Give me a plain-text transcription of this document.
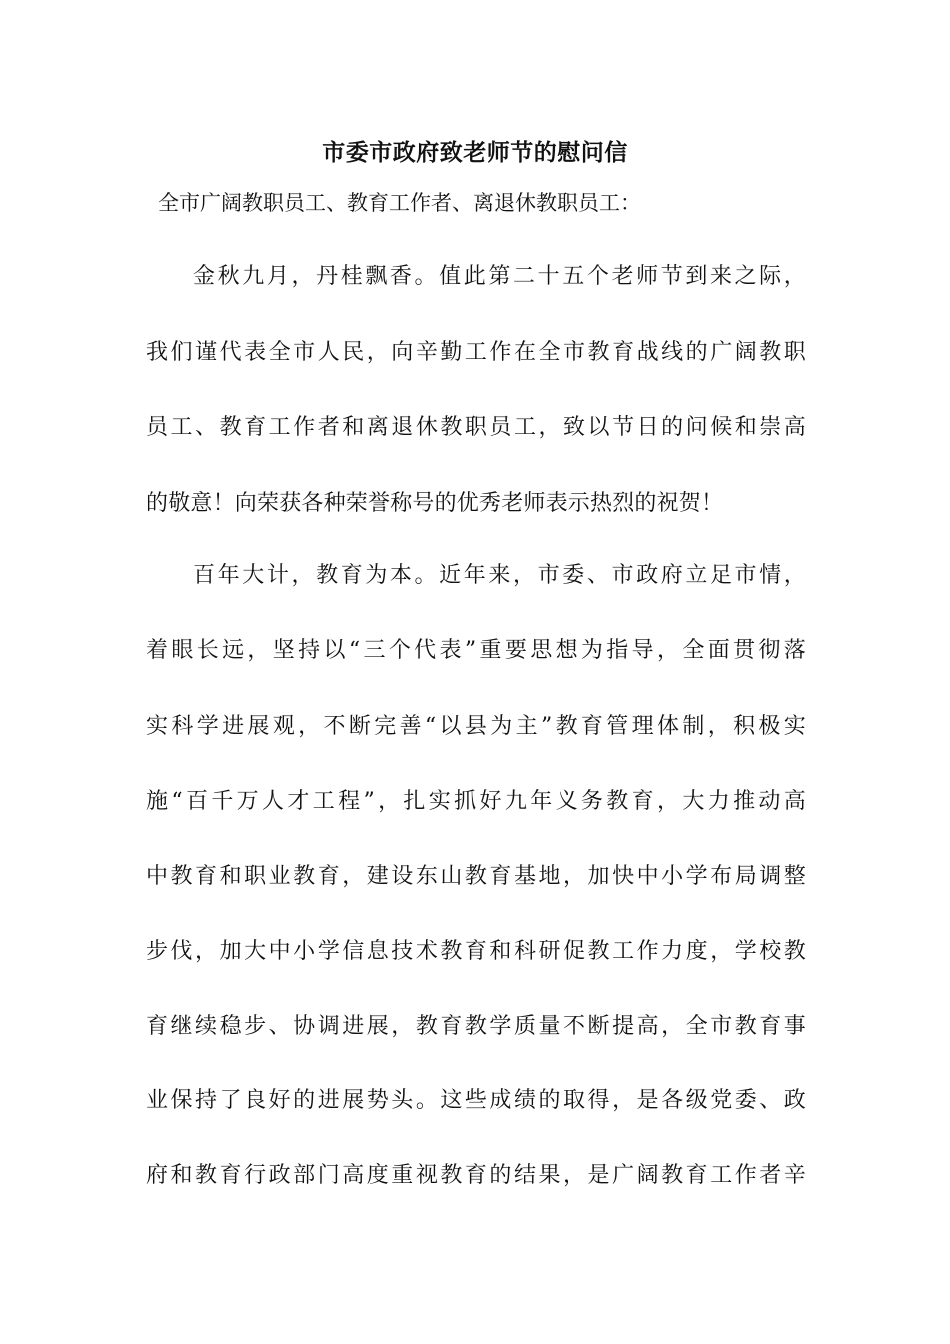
市委市政府致老师节的慰问信
全市广阔教职员工、教育工作者、离退休教职员工：
金秋九月，丹桂飘香。值此第二十五个老师节到来之际，
我们谨代表全市人民，向辛勤工作在全市教育战线的广阔教职
员工、教育工作者和离退休教职员工，致以节日的问候和崇高
的敬意！向荣获各种荣誉称号的优秀老师表示热烈的祝贺！
百年大计，教育为本。近年来，市委、市政府立足市情，
着眼长远，坚持以“三个代表”重要思想为指导，全面贯彻落
实科学进展观，不断完善“以县为主”教育管理体制，积极实
施“百千万人才工程”，扎实抓好九年义务教育，大力推动高
中教育和职业教育，建设东山教育基地，加快中小学布局调整
步伐，加大中小学信息技术教育和科研促教工作力度，学校教
育继续稳步、协调进展，教育教学质量不断提高，全市教育事
业保持了良好的进展势头。这些成绩的取得，是各级党委、政
府和教育行政部门高度重视教育的结果，是广阔教育工作者辛
